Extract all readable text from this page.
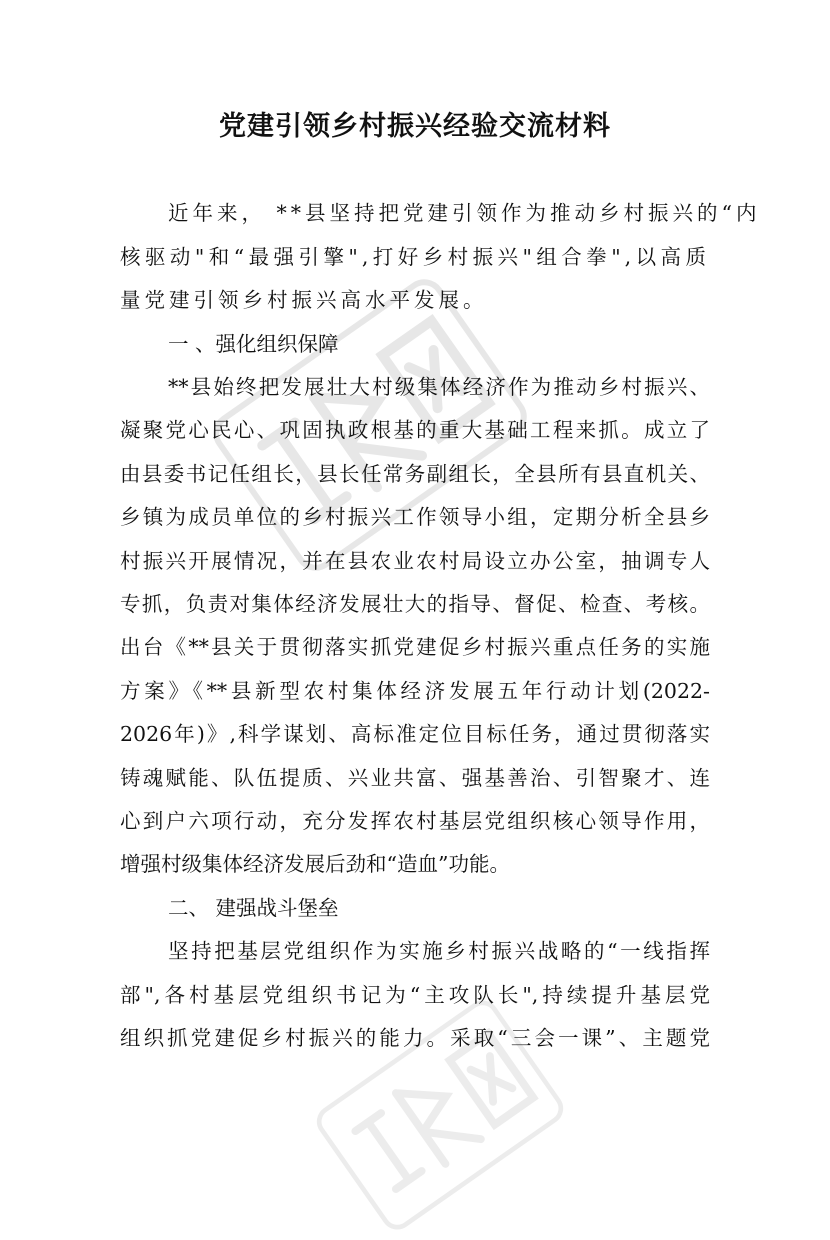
党建引领乡村振兴经验交流材料
近年来， **县坚持把党建引领作为推动乡村振兴的“内
核驱动"和“最强引擎",打好乡村振兴"组合拳",以高质
量党建引领乡村振兴高水平发展。
一 、强化组织保障
**县始终把发展壮大村级集体经济作为推动乡村振兴、
凝聚党心民心、巩固执政根基的重大基础工程来抓。成立了
由县委书记任组长，县长任常务副组长，全县所有县直机关、
乡镇为成员单位的乡村振兴工作领导小组，定期分析全县乡
村振兴开展情况，并在县农业农村局设立办公室，抽调专人
专抓，负责对集体经济发展壮大的指导、督促、检查、考核。
出台《**县关于贯彻落实抓党建促乡村振兴重点任务的实施
方案》《**县新型农村集体经济发展五年行动计划(2022-
2026年)》,科学谋划、高标准定位目标任务，通过贯彻落实
铸魂赋能、队伍提质、兴业共富、强基善治、引智聚才、连
心到户六项行动，充分发挥农村基层党组织核心领导作用，
增强村级集体经济发展后劲和“造血”功能。
二、 建强战斗堡垒
坚持把基层党组织作为实施乡村振兴战略的“一线指挥
部",各村基层党组织书记为“主攻队长",持续提升基层党
组织抓党建促乡村振兴的能力。采取“三会一课”、主题党
